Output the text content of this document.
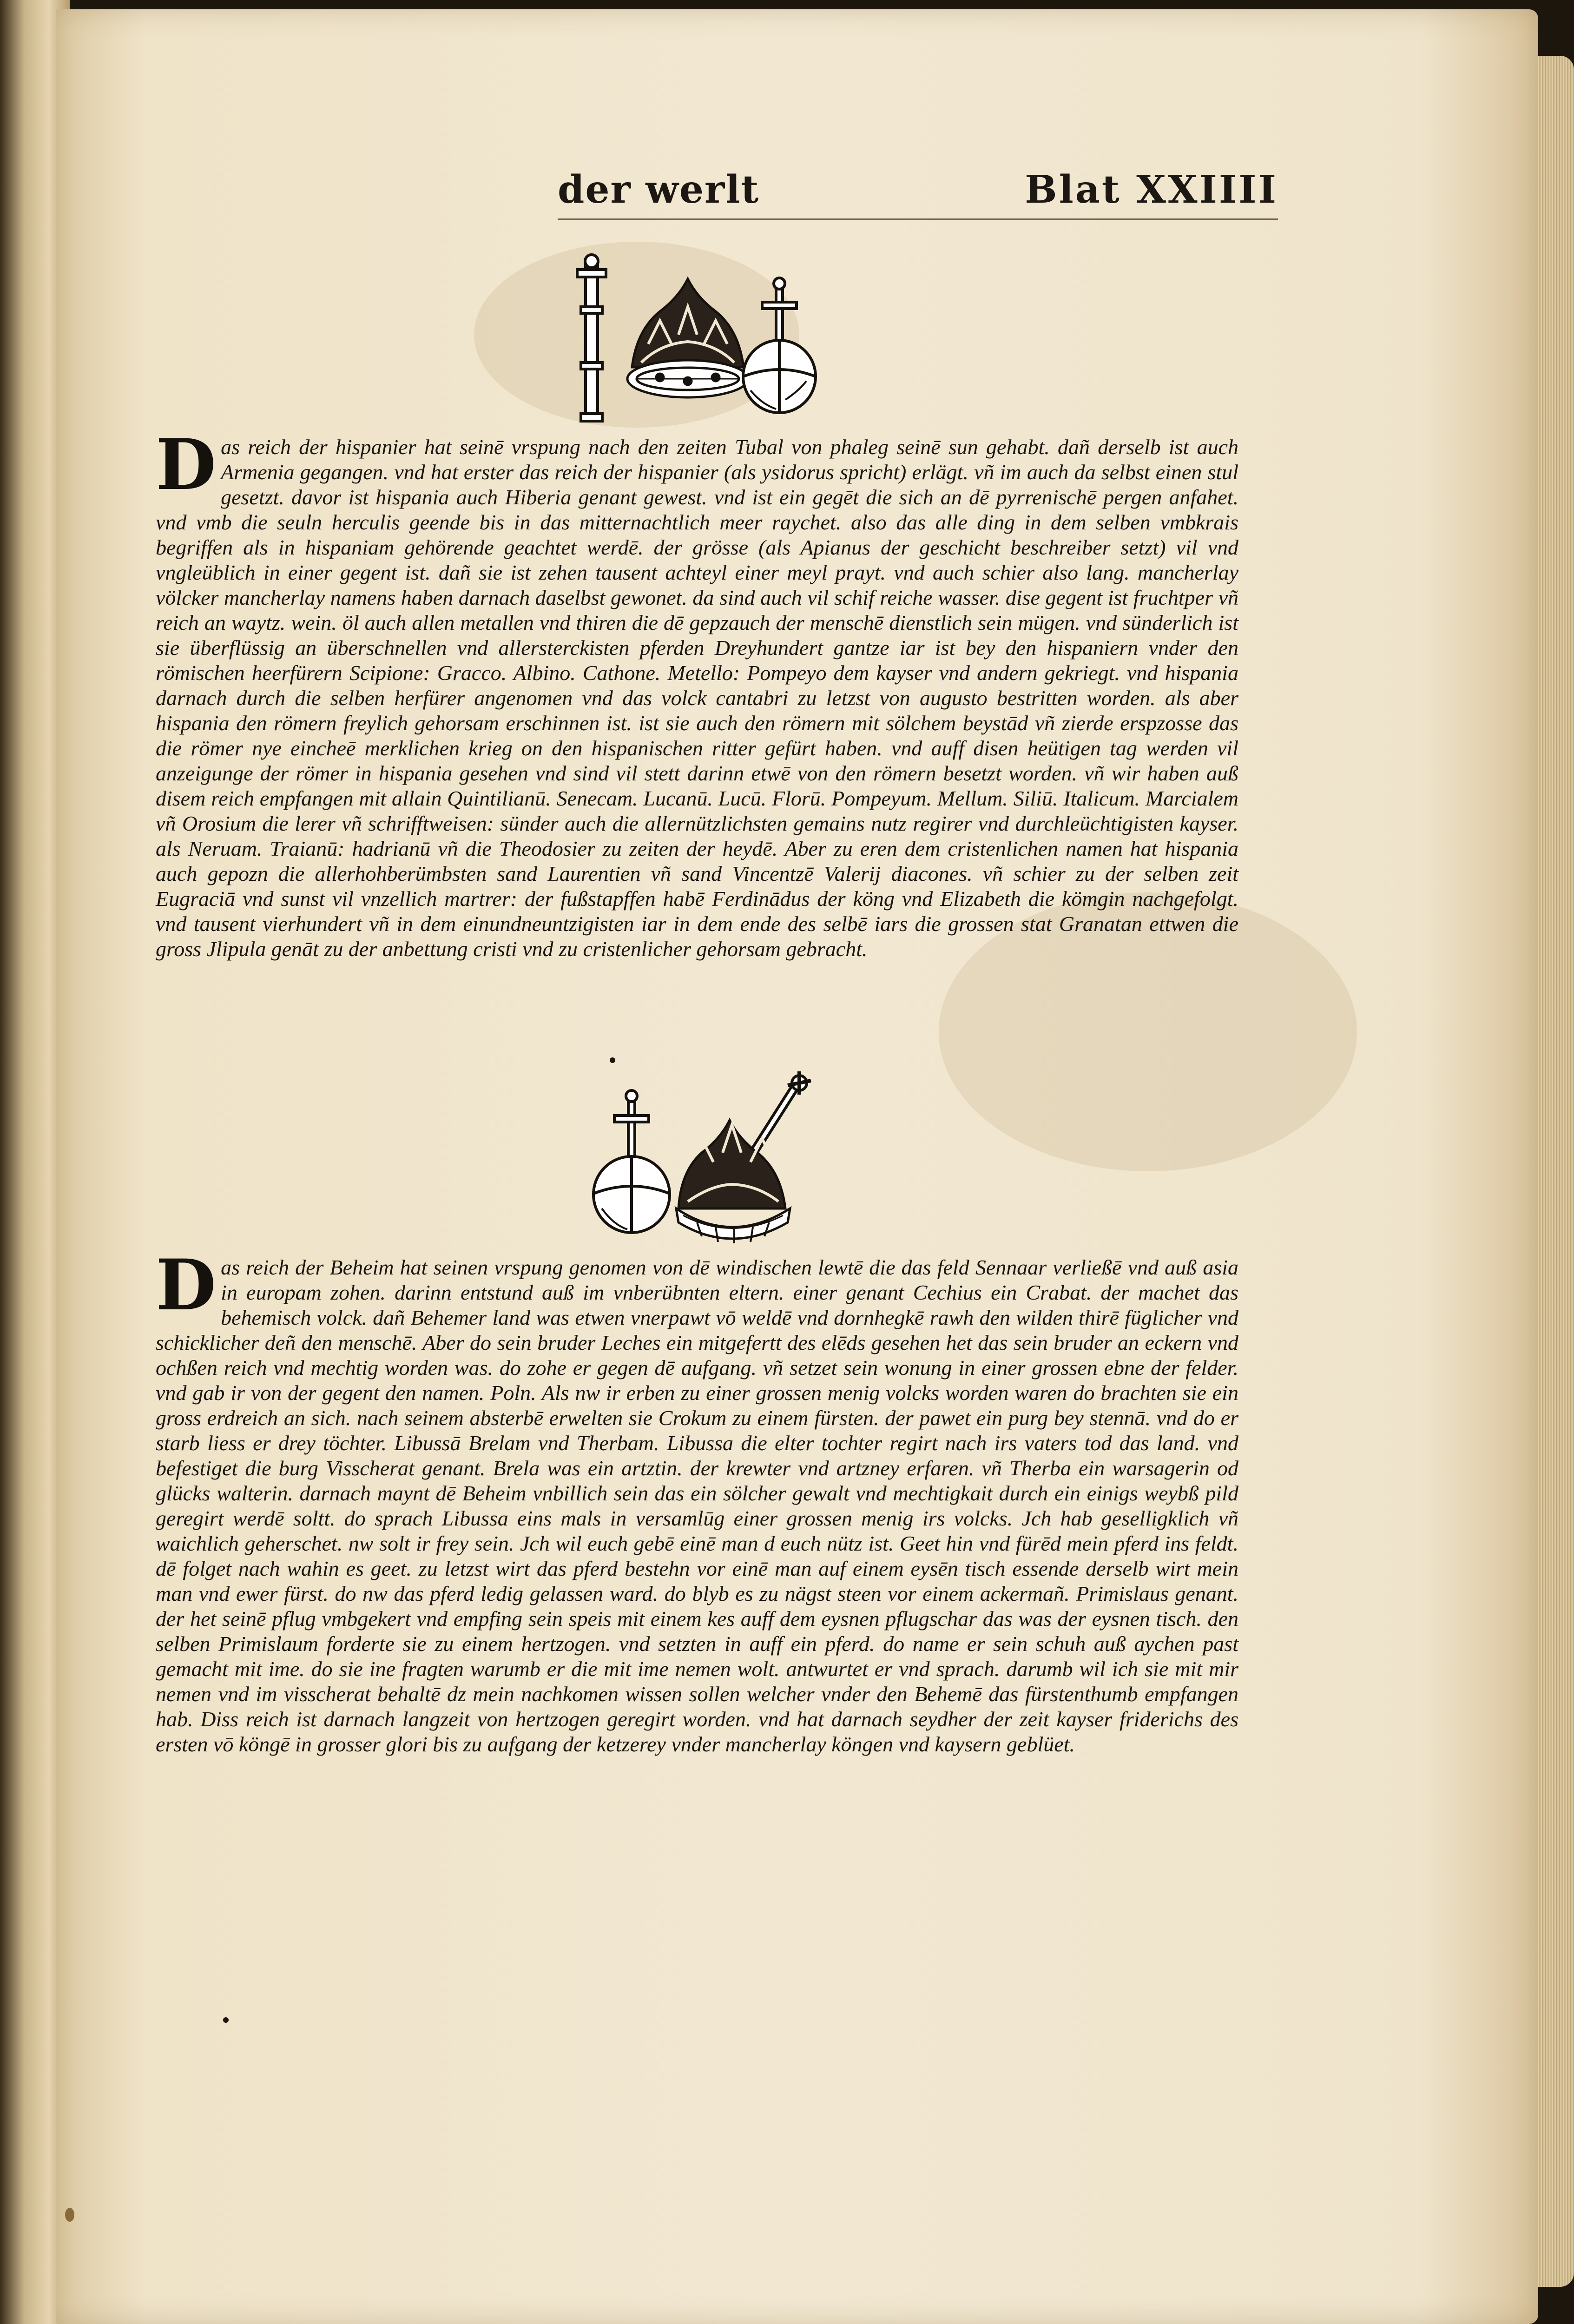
der werlt	Blat XXIIII
D as reich der hispanier hat seinē vrspung nach den zeiten Tubal von phaleg seinē sun gehabt. dañ derselb ist auch Armenia gegangen. vnd hat erster das reich der hispanier (als ysidorus spricht) erlägt. vñ im auch da selbst einen stul gesetzt. davor ist hispania auch Hiberia genant gewest. vnd ist ein gegēt die sich an dē pyrrenischē pergen anfahet. vnd vmb die seuln herculis geende bis in das mitternachtlich meer raychet. also das alle ding in dem selben vmbkrais begriffen als in hispaniam gehörende geachtet werdē. der grösse (als Apianus der geschicht beschreiber setzt) vil vnd vngleüblich in einer gegent ist. dañ sie ist zehen tausent achteyl einer meyl prayt. vnd auch schier also lang. mancherlay völcker mancherlay namens haben darnach daselbst gewonet. da sind auch vil schif reiche wasser. dise gegent ist fruchtper vñ reich an waytz. wein. öl auch allen metallen vnd thiren die dē gepzauch der menschē dienstlich sein mügen. vnd sünderlich ist sie überflüssig an überschnellen vnd allersterckisten pferden Dreyhundert gantze iar ist bey den hispaniern vnder den römischen heerfürern Scipione: Gracco. Albino. Cathone. Metello: Pompeyo dem kayser vnd andern gekriegt. vnd hispania darnach durch die selben herfürer angenomen vnd das volck cantabri zu letzst von augusto bestritten worden. als aber hispania den römern freylich gehorsam erschinnen ist. ist sie auch den römern mit sölchem beystād vñ zierde erspzosse das die römer nye eincheē merklichen krieg on den hispanischen ritter gefürt haben. vnd auff disen heütigen tag werden vil anzeigunge der römer in hispania gesehen vnd sind vil stett darinn etwē von den römern besetzt worden. vñ wir haben auß disem reich empfangen mit allain Quintilianū. Senecam. Lucanū. Lucū. Florū. Pompeyum. Mellum. Siliū. Italicum. Marcialem vñ Orosium die lerer vñ schrifftweisen: sünder auch die allernützlichsten gemains nutz regirer vnd durchleüchtigisten kayser. als Neruam. Traianū: hadrianū vñ die Theodosier zu zeiten der heydē. Aber zu eren dem cristenlichen namen hat hispania auch gepozn die allerhohberümbsten sand Laurentien vñ sand Vincentzē Valerij diacones. vñ schier zu der selben zeit Eugraciā vnd sunst vil vnzellich martrer: der fußstapffen habē Ferdinādus der köng vnd Elizabeth die kömgin nachgefolgt. vnd tausent vierhundert vñ in dem einundneuntzigisten iar in dem ende des selbē iars die grossen stat Granatan ettwen die gross Jlipula genāt zu der anbettung cristi vnd zu cristenlicher gehorsam gebracht.
D as reich der Beheim hat seinen vrspung genomen von dē windischen lewtē die das feld Sennaar verließē vnd auß asia in europam zohen. darinn entstund auß im vnberübnten eltern. einer genant Cechius ein Crabat. der machet das behemisch volck. dañ Behemer land was etwen vnerpawt vō weldē vnd dornhegkē rawh den wilden thirē füglicher vnd schicklicher deñ den menschē. Aber do sein bruder Leches ein mitgefertt des elēds gesehen het das sein bruder an eckern vnd ochßen reich vnd mechtig worden was. do zohe er gegen dē aufgang. vñ setzet sein wonung in einer grossen ebne der felder. vnd gab ir von der gegent den namen. Poln. Als nw ir erben zu einer grossen menig volcks worden waren do brachten sie ein gross erdreich an sich. nach seinem absterbē erwelten sie Crokum zu einem fürsten. der pawet ein purg bey stennā. vnd do er starb liess er drey töchter. Libussā Brelam vnd Therbam. Libussa die elter tochter regirt nach irs vaters tod das land. vnd befestiget die burg Visscherat genant. Brela was ein artztin. der krewter vnd artzney erfaren. vñ Therba ein warsagerin od glücks walterin. darnach maynt dē Beheim vnbillich sein das ein sölcher gewalt vnd mechtigkait durch ein einigs weybß pild geregirt werdē soltt. do sprach Libussa eins mals in versamlūg einer grossen menig irs volcks. Jch hab geselligklich vñ waichlich geherschet. nw solt ir frey sein. Jch wil euch gebē einē man d euch nütz ist. Geet hin vnd fürēd mein pferd ins feldt. dē folget nach wahin es geet. zu letzst wirt das pferd bestehn vor einē man auf einem eysēn tisch essende derselb wirt mein man vnd ewer fürst. do nw das pferd ledig gelassen ward. do blyb es zu nägst steen vor einem ackermañ. Primislaus genant. der het seinē pflug vmbgekert vnd empfing sein speis mit einem kes auff dem eysnen pflugschar das was der eysnen tisch. den selben Primislaum forderte sie zu einem hertzogen. vnd setzten in auff ein pferd. do name er sein schuh auß aychen past gemacht mit ime. do sie ine fragten warumb er die mit ime nemen wolt. antwurtet er vnd sprach. darumb wil ich sie mit mir nemen vnd im visscherat behaltē dz mein nachkomen wissen sollen welcher vnder den Behemē das fürstenthumb empfangen hab. Diss reich ist darnach langzeit von hertzogen geregirt worden. vnd hat darnach seydher der zeit kayser friderichs des ersten vō köngē in grosser glori bis zu aufgang der ketzerey vnder mancherlay köngen vnd kaysern geblüet.
